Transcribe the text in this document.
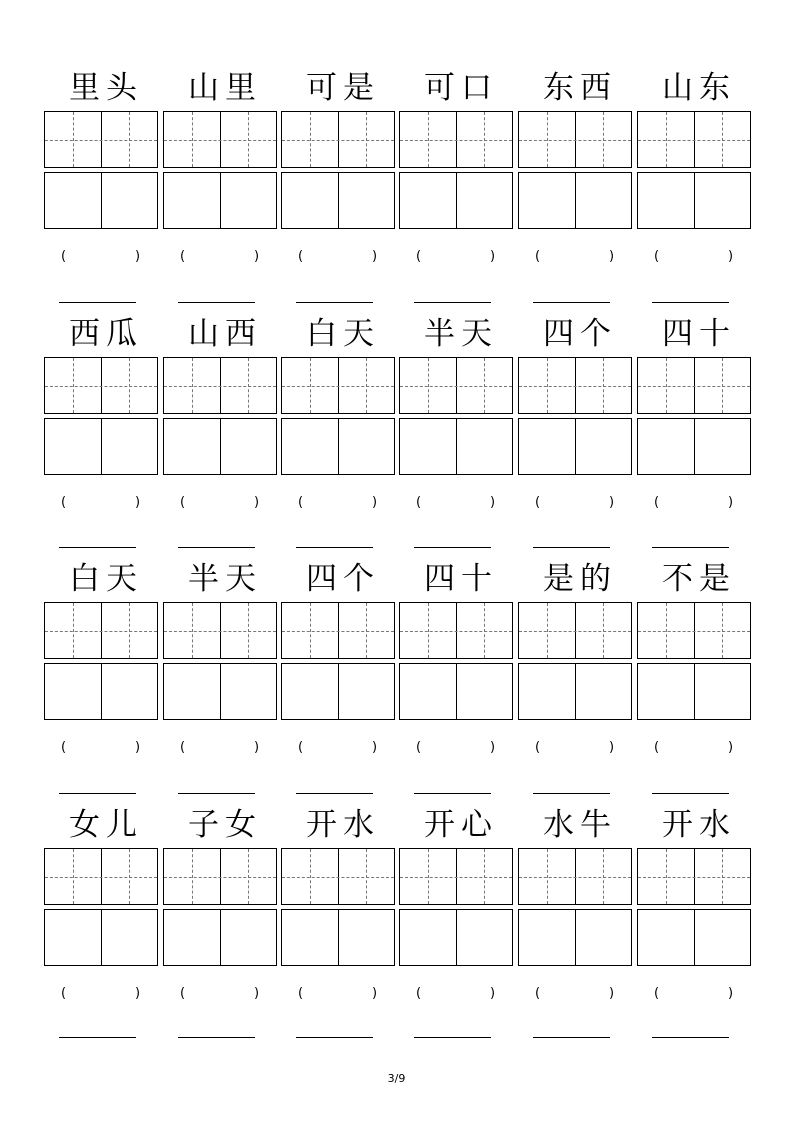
3/9
里头
(	)
山里
(	)
可是
(	)
可口
(	)
东西
(	)
山东
(	)
西瓜
(	)
山西
(	)
白天
(	)
半天
(	)
四个
(	)
四十
(	)
白天
(	)
半天
(	)
四个
(	)
四十
(	)
是的
(	)
不是
(	)
女儿
(	)
子女
(	)
开水
(	)
开心
(	)
水牛
(	)
开水
(	)
